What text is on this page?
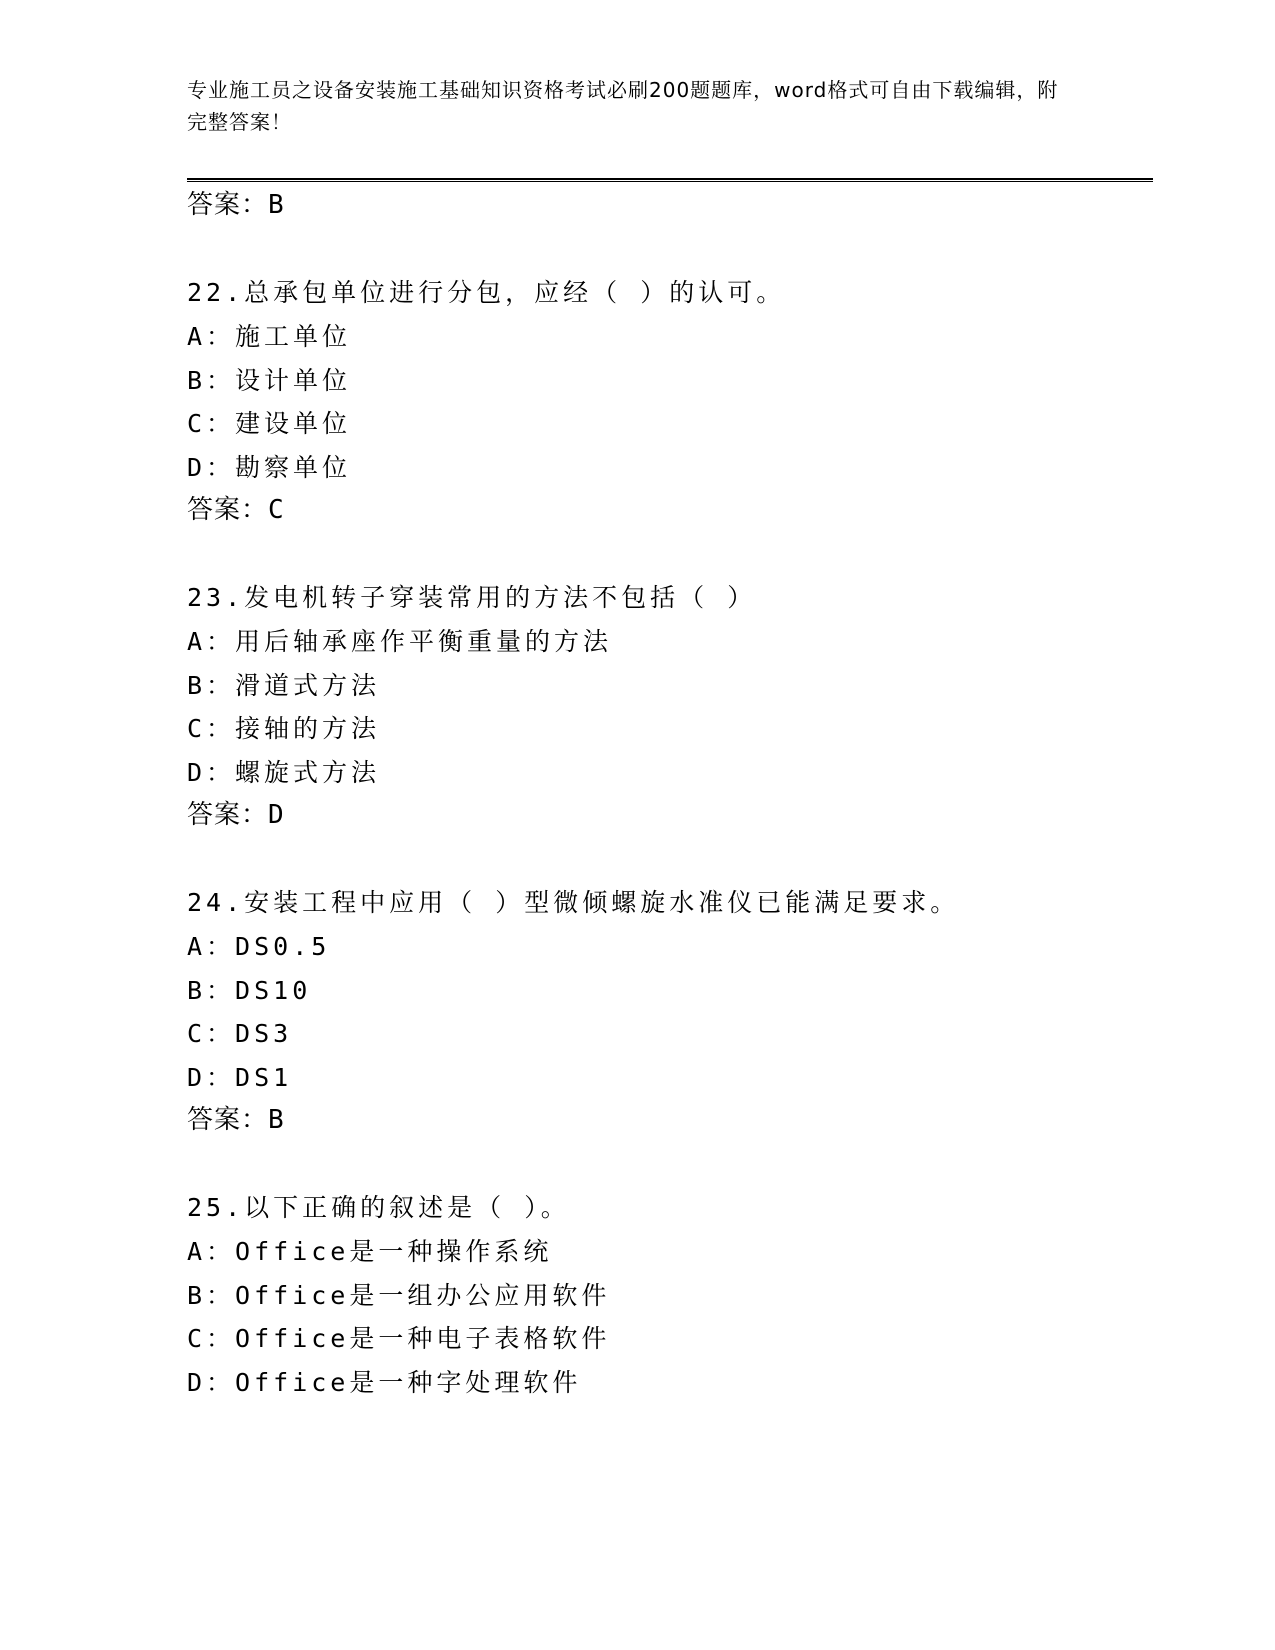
专业施工员之设备安装施工基础知识资格考试必刷200题题库，word格式可自由下载编辑，附完整答案！
答案：B
22.总承包单位进行分包，应经（ ）的认可。
A：施工单位
B：设计单位
C：建设单位
D：勘察单位
答案：C
23.发电机转子穿装常用的方法不包括（ ）
A：用后轴承座作平衡重量的方法
B：滑道式方法
C：接轴的方法
D：螺旋式方法
答案：D
24.安装工程中应用（ ）型微倾螺旋水准仪已能满足要求。
A：DS0.5
B：DS10
C：DS3
D：DS1
答案：B
25.以下正确的叙述是（ ）。
A：Office是一种操作系统
B：Office是一组办公应用软件
C：Office是一种电子表格软件
D：Office是一种字处理软件
